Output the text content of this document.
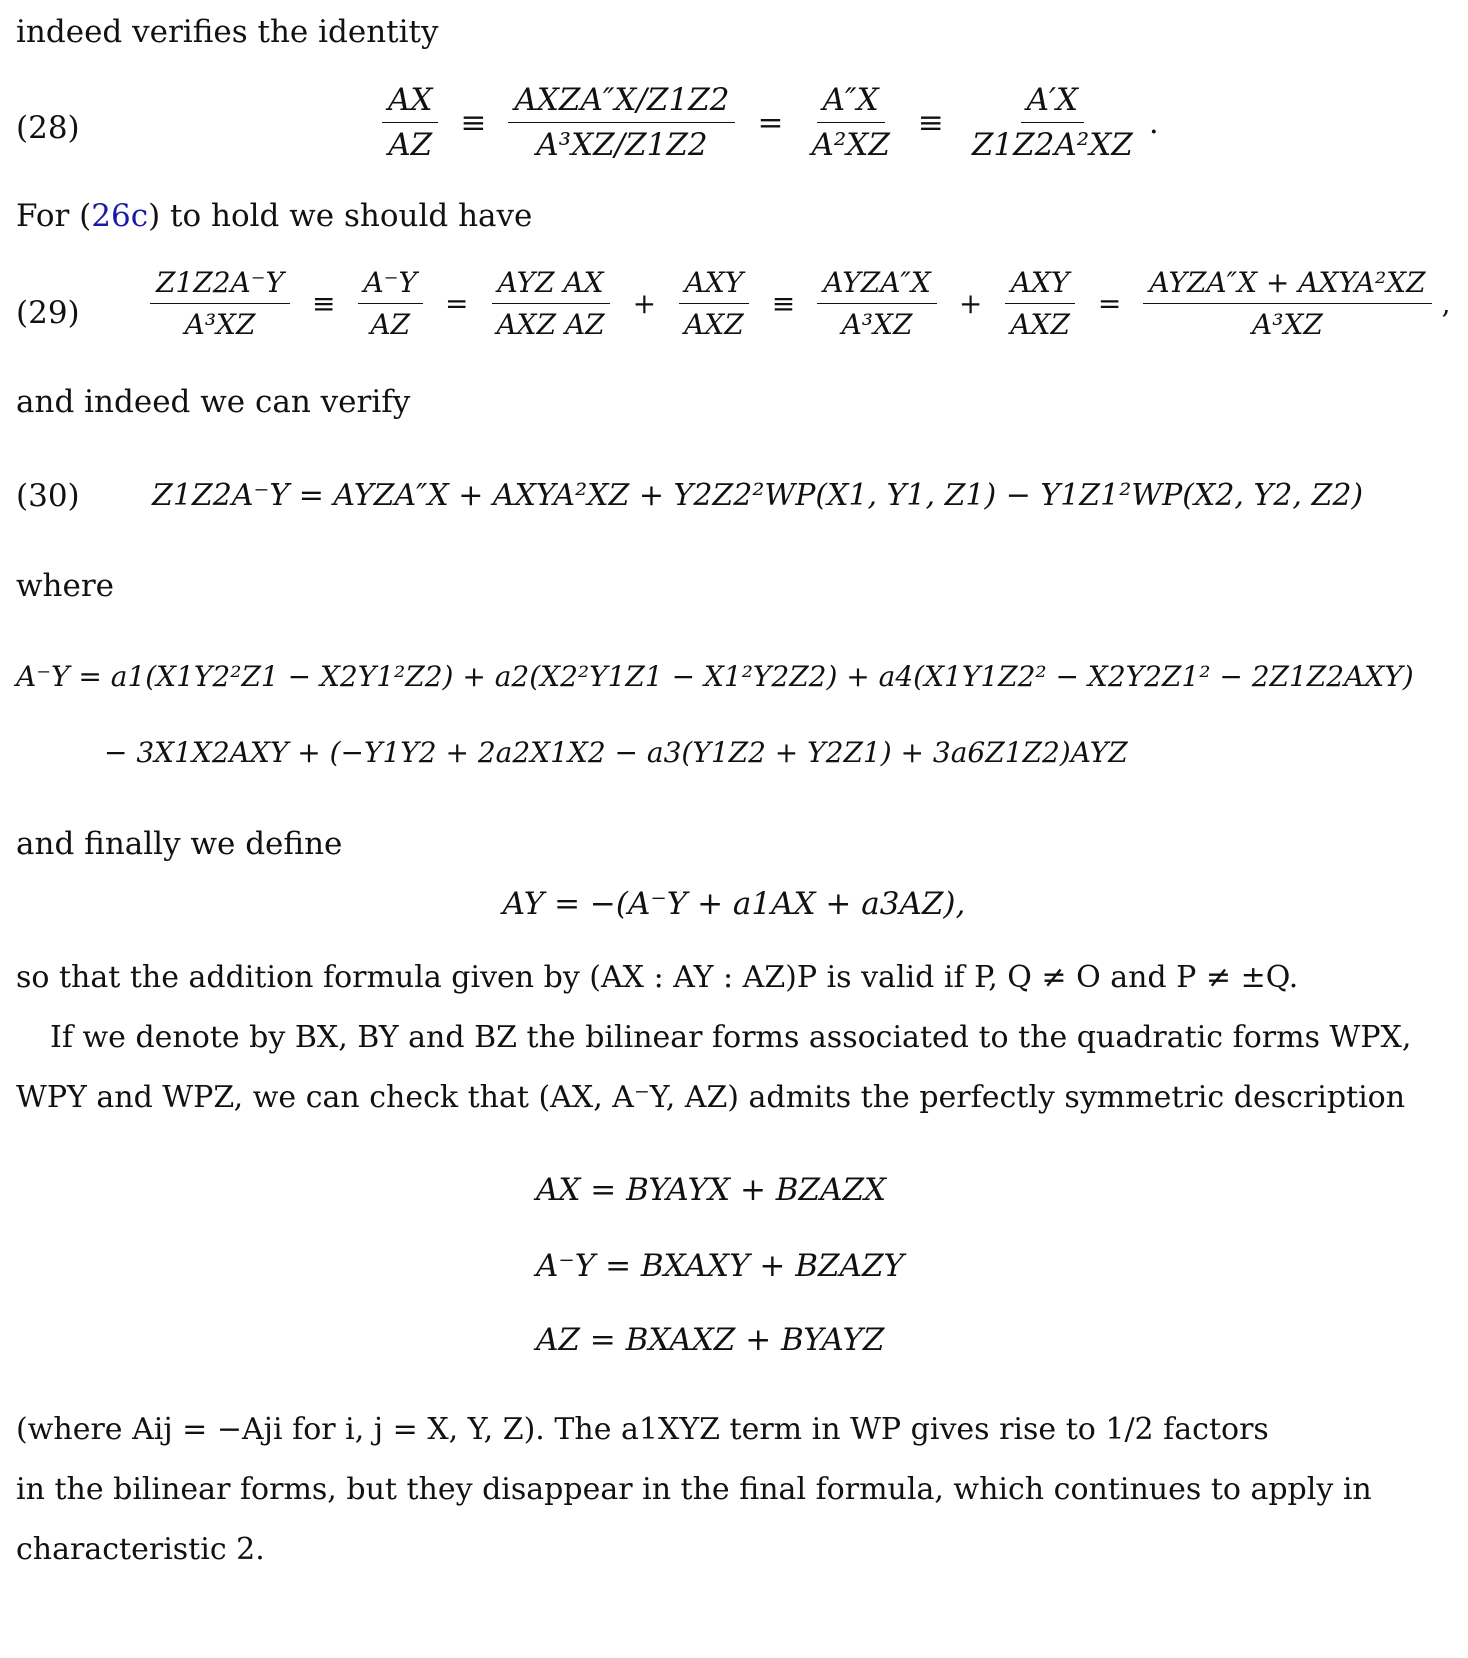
indeed verifies the identity
(28)	$\frac{AX}{AZ} \equiv \frac{\text{AXZA″X/Z1Z2}}{\text{A³XZ/Z1Z2}} = \frac{A''X}{\text{A²XZ}} \equiv \frac{A'X}{\text{Z1Z2A²XZ}}$ .
For (26c) to hold we should have
(29)	$\frac{Z1Z2A^-Y}{\text{A³XZ}} \equiv \frac{A^-Y}{AZ} = \frac{\text{AYZ AX}}{\text{AXZ AZ}} + \frac{\text{AXY}}{\text{AXZ}} \equiv \frac{\text{AYZA″X}}{\text{A³XZ}} + \frac{\text{AXY}}{\text{AXZ}} = \frac{\text{AYZA″X + AXYA²XZ}}{\text{A³XZ}}$ ,
and indeed we can verify
(30) Z1Z2A⁻Y = AYZA″X + AXYA²XZ + Y2Z2²WP(X1, Y1, Z1) − Y1Z1²WP(X2, Y2, Z2)
where
A⁻Y = a1(X1Y2²Z1 − X2Y1²Z2) + a2(X2²Y1Z1 − X1²Y2Z2) + a4(X1Y1Z2² − X2Y2Z1² − 2Z1Z2AXY)
− 3X1X2AXY + (−Y1Y2 + 2a2X1X2 − a3(Y1Z2 + Y2Z1) + 3a6Z1Z2)AYZ
and finally we define
AY = −(A⁻Y + a1AX + a3AZ),
so that the addition formula given by (AX : AY : AZ)P is valid if P, Q ≠ O and P ≠ ±Q.
If we denote by BX, BY and BZ the bilinear forms associated to the quadratic forms WPX,
WPY and WPZ, we can check that (AX, A⁻Y, AZ) admits the perfectly symmetric description
AX = BYAYX + BZAZX
A⁻Y = BXAXY + BZAZY
AZ = BXAXZ + BYAYZ
(where Aij = −Aji for i, j = X, Y, Z). The a1XYZ term in WP gives rise to 1/2 factors
in the bilinear forms, but they disappear in the final formula, which continues to apply in
characteristic 2.
